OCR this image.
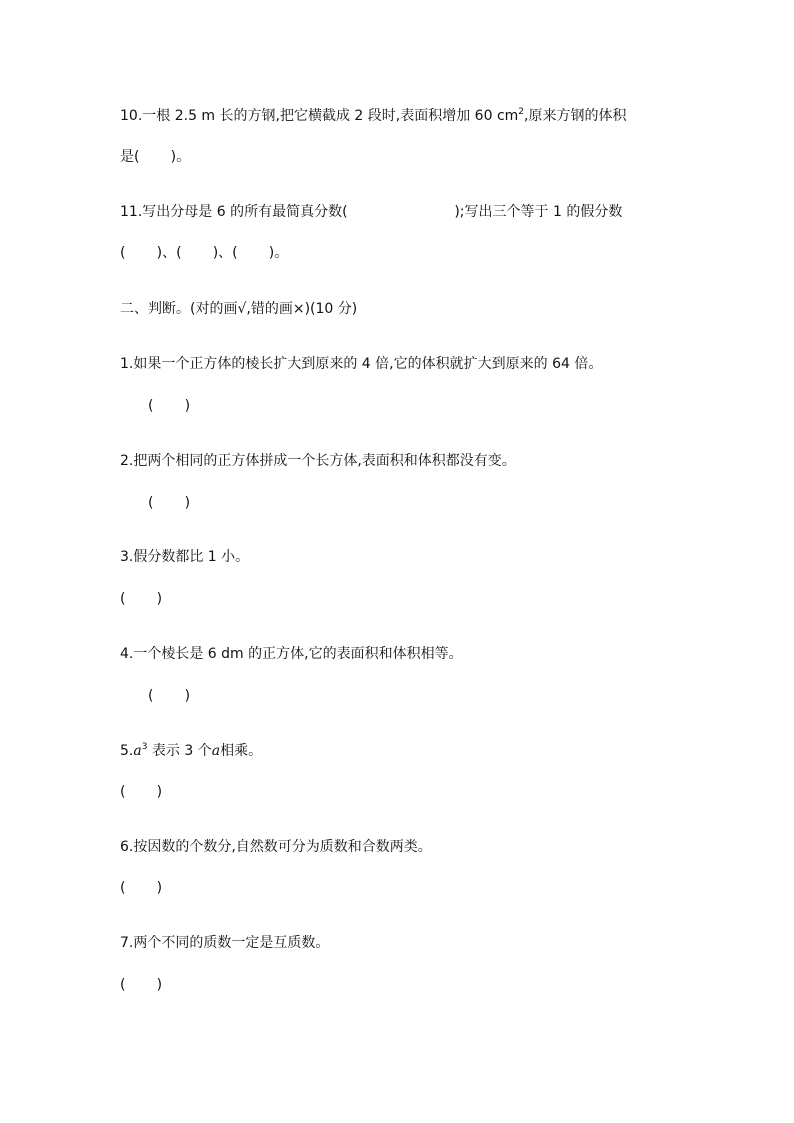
10.一根 2.5 m 长的方钢,把它横截成 2 段时,表面积增加 60 $cm^2$,原来方钢的体积
是(       )。
11.写出分母是 6 的所有最简真分数(                        );写出三个等于 1 的假分数
(       )、(       )、(       )。
二、判断。(对的画√,错的画×)(10 分)
1.如果一个正方体的棱长扩大到原来的 4 倍,它的体积就扩大到原来的 64 倍。
(       )
2.把两个相同的正方体拼成一个长方体,表面积和体积都没有变。
(       )
3.假分数都比 1 小。
(       )
4.一个棱长是 6 dm 的正方体,它的表面积和体积相等。
(       )
$5.a^3$ 表示 3 个a相乘。
(       )
6.按因数的个数分,自然数可分为质数和合数两类。
(       )
7.两个不同的质数一定是互质数。
(       )
